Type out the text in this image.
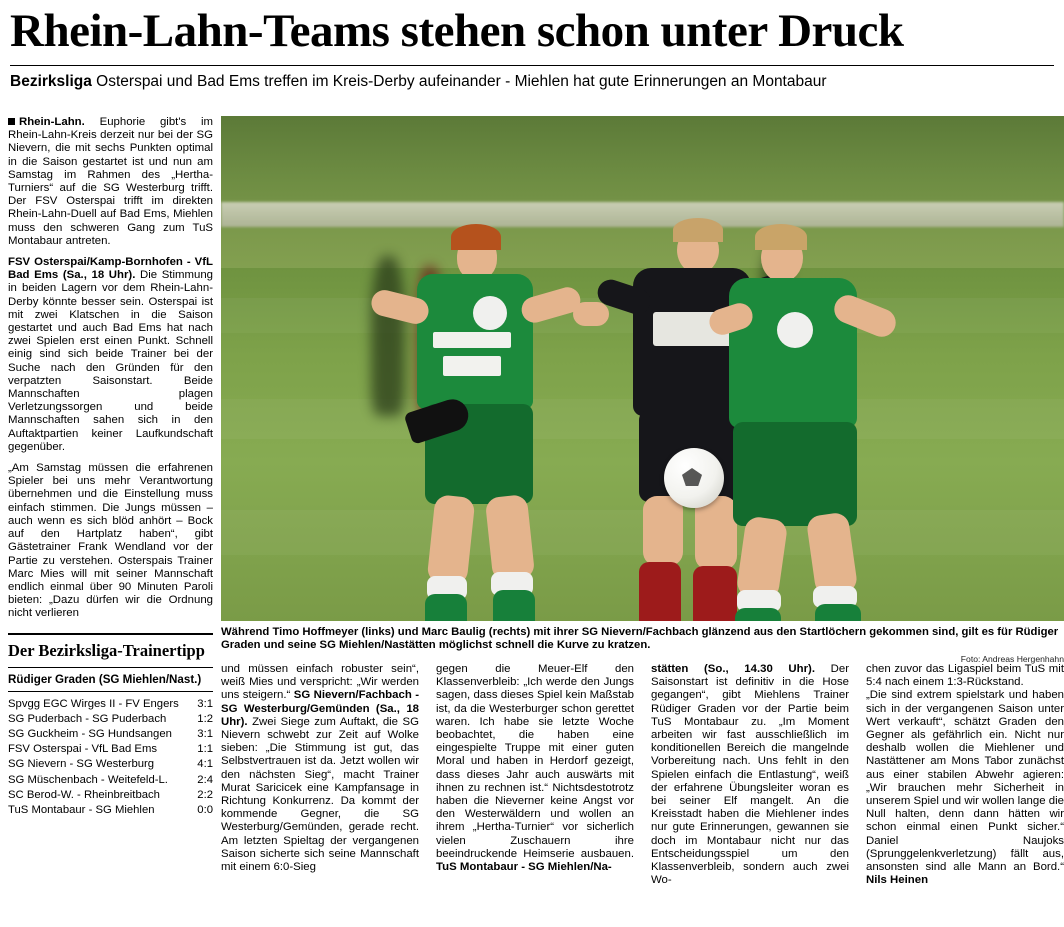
Rhein-Lahn-Teams stehen schon unter Druck
Bezirksliga Osterspai und Bad Ems treffen im Kreis-Derby aufeinander - Miehlen hat gute Erinnerungen an Montabaur

Rhein-Lahn. Euphorie gibt's im Rhein-Lahn-Kreis derzeit nur bei der SG Nievern, die mit sechs Punkten optimal in die Saison gestartet ist und nun am Samstag im Rahmen des „Hertha-Turniers“ auf die SG Westerburg trifft. Der FSV Osterspai trifft im direkten Rhein-Lahn-Duell auf Bad Ems, Miehlen muss den schweren Gang zum TuS Montabaur antreten.

FSV Osterspai/Kamp-Bornhofen - VfL Bad Ems (Sa., 18 Uhr). Die Stimmung in beiden Lagern vor dem Rhein-Lahn-Derby könnte besser sein. Osterspai ist mit zwei Klatschen in die Saison gestartet und auch Bad Ems hat nach zwei Spielen erst einen Punkt. Schnell einig sind sich beide Trainer bei der Suche nach den Gründen für den verpatzten Saisonstart. Beide Mannschaften plagen Verletzungssorgen und beide Mannschaften sahen sich in den Auftaktpartien keiner Laufkundschaft gegenüber.

„Am Samstag müssen die erfahrenen Spieler bei uns mehr Verantwortung übernehmen und die Einstellung muss einfach stimmen. Die Jungs müssen – auch wenn es sich blöd anhört – Bock auf den Hartplatz haben“, gibt Gästetrainer Frank Wendland vor der Partie zu verstehen. Osterspais Trainer Marc Mies will mit seiner Mannschaft endlich einmal über 90 Minuten Paroli bieten: „Dazu dürfen wir die Ordnung nicht verlieren

Der Bezirksliga-Trainertipp
Rüdiger Graden (SG Miehlen/Nast.)
Spvgg EGC Wirges II - FV Engers	3:1
SG Puderbach - SG Puderbach	1:2
SG Guckheim - SG Hundsangen	3:1
FSV Osterspai - VfL Bad Ems	1:1
SG Nievern - SG Westerburg	4:1
SG Müschenbach - Weitefeld-L.	2:4
SC Berod-W. - Rheinbreitbach	2:2
TuS Montabaur - SG Miehlen	0:0
Während Timo Hoffmeyer (links) und Marc Baulig (rechts) mit ihrer SG Nievern/Fachbach glänzend aus den Startlöchern gekommen sind, gilt es für Rüdiger Graden und seine SG Miehlen/Nastätten möglichst schnell die Kurve zu kratzen.
Foto: Andreas Hergenhahn

und müssen einfach robuster sein“, weiß Mies und verspricht: „Wir werden uns steigern.“ SG Nievern/Fachbach - SG Westerburg/Gemünden (Sa., 18 Uhr). Zwei Siege zum Auftakt, die SG Nievern schwebt zur Zeit auf Wolke sieben: „Die Stimmung ist gut, das Selbstvertrauen ist da. Jetzt wollen wir den nächsten Sieg“, macht Trainer Murat Saricicek eine Kampfansage in Richtung Konkurrenz. Da kommt der kommende Gegner, die SG Westerburg/Gemünden, gerade recht. Am letzten Spieltag der vergangenen Saison sicherte sich seine Mannschaft mit einem 6:0-Sieg

gegen die Meuer-Elf den Klassenverbleib: „Ich werde den Jungs sagen, dass dieses Spiel kein Maßstab ist, da die Westerburger schon gerettet waren. Ich habe sie letzte Woche beobachtet, die haben eine eingespielte Truppe mit einer guten Moral und haben in Herdorf gezeigt, dass dieses Jahr auch auswärts mit ihnen zu rechnen ist.“ Nichtsdestotrotz haben die Nieverner keine Angst vor den Westerwäldern und wollen an ihrem „Hertha-Turnier“ vor sicherlich vielen Zuschauern ihre beeindruckende Heimserie ausbauen. TuS Montabaur - SG Miehlen/Na-

stätten (So., 14.30 Uhr). Der Saisonstart ist definitiv in die Hose gegangen“, gibt Miehlens Trainer Rüdiger Graden vor der Partie beim TuS Montabaur zu. „Im Moment arbeiten wir fast ausschließlich im konditionellen Bereich die mangelnde Vorbereitung nach. Uns fehlt in den Spielen einfach die Entlastung“, weiß der erfahrene Übungsleiter woran es bei seiner Elf mangelt. An die Kreisstadt haben die Miehlener indes nur gute Erinnerungen, gewannen sie doch im Montabaur nicht nur das Entscheidungsspiel um den Klassenverbleib, sondern auch zwei Wo-

chen zuvor das Ligaspiel beim TuS mit 5:4 nach einem 1:3-Rückstand.

„Die sind extrem spielstark und haben sich in der vergangenen Saison unter Wert verkauft“, schätzt Graden den Gegner als gefährlich ein. Nicht nur deshalb wollen die Miehlener und Nastättener am Mons Tabor zunächst aus einer stabilen Abwehr agieren: „Wir brauchen mehr Sicherheit in unserem Spiel und wir wollen lange die Null halten, denn dann hätten wir schon einmal einen Punkt sicher.“ Daniel Naujoks (Sprunggelenkverletzung) fällt aus, ansonsten sind alle Mann an Bord.“ Nils Heinen
